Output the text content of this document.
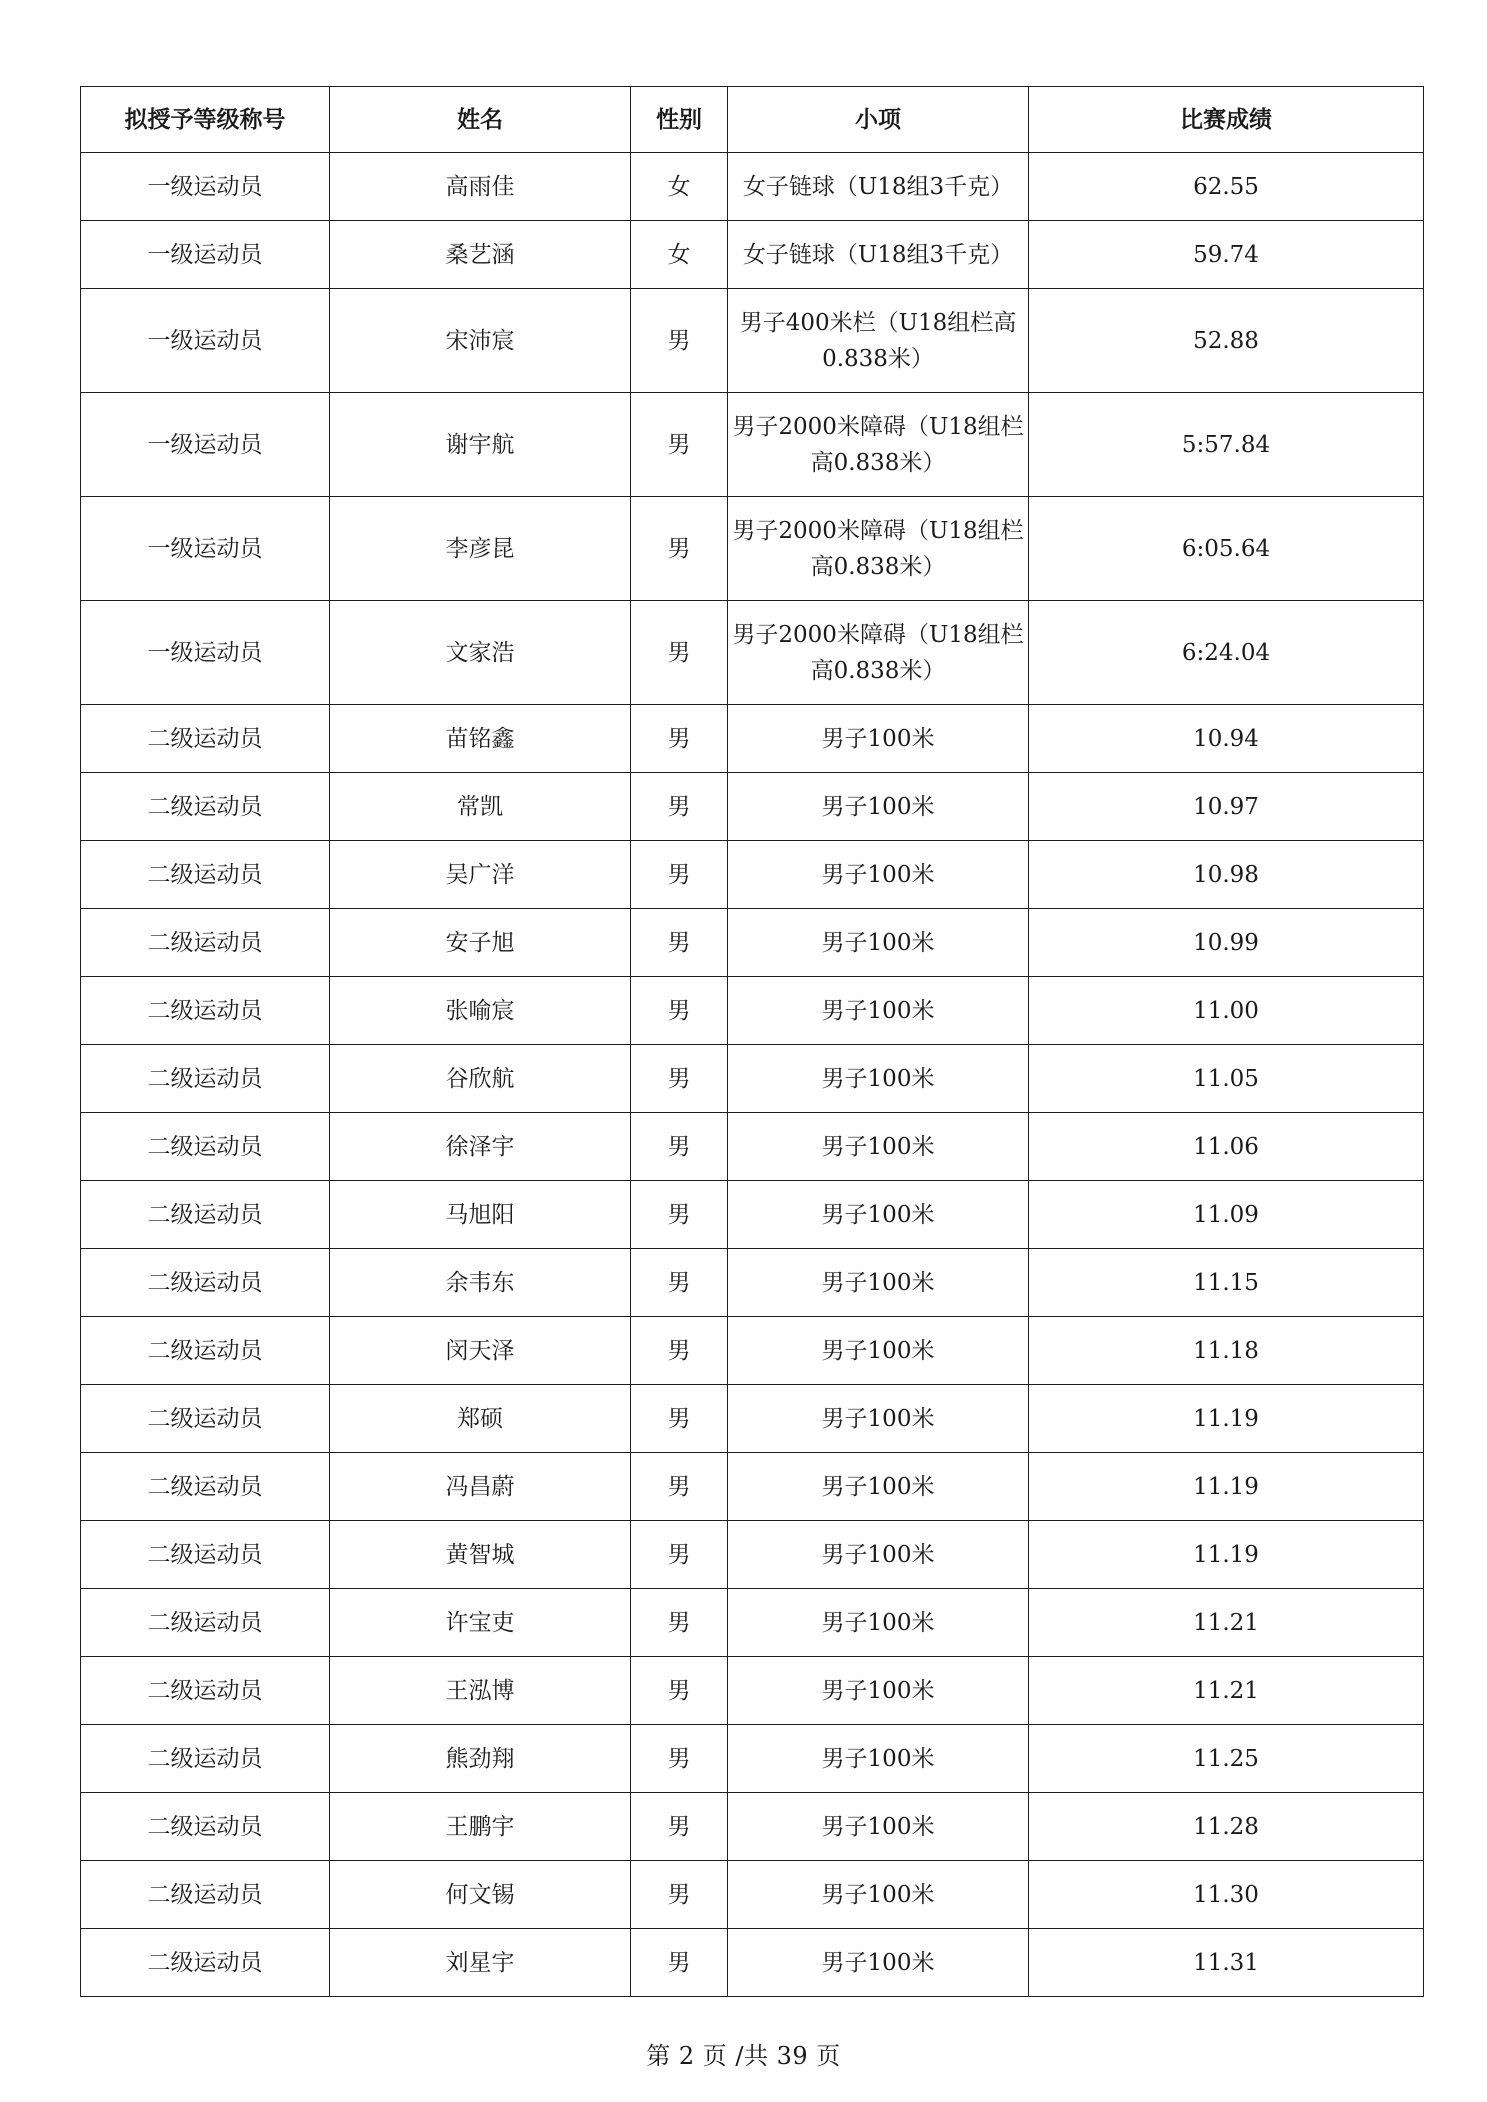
拟授予等级称号	姓名	性别	小项	比赛成绩
一级运动员	高雨佳	女	女子链球（U18组3千克）	62.55
一级运动员	桑艺涵	女	女子链球（U18组3千克）	59.74
一级运动员	宋沛宸	男	男子400米栏（U18组栏高0.838米）	52.88
一级运动员	谢宇航	男	男子2000米障碍（U18组栏高0.838米）	5:57.84
一级运动员	李彦昆	男	男子2000米障碍（U18组栏高0.838米）	6:05.64
一级运动员	文家浩	男	男子2000米障碍（U18组栏高0.838米）	6:24.04
二级运动员	苗铭鑫	男	男子100米	10.94
二级运动员	常凯	男	男子100米	10.97
二级运动员	吴广洋	男	男子100米	10.98
二级运动员	安子旭	男	男子100米	10.99
二级运动员	张喻宸	男	男子100米	11.00
二级运动员	谷欣航	男	男子100米	11.05
二级运动员	徐泽宇	男	男子100米	11.06
二级运动员	马旭阳	男	男子100米	11.09
二级运动员	余韦东	男	男子100米	11.15
二级运动员	闵天泽	男	男子100米	11.18
二级运动员	郑硕	男	男子100米	11.19
二级运动员	冯昌蔚	男	男子100米	11.19
二级运动员	黄智城	男	男子100米	11.19
二级运动员	许宝吏	男	男子100米	11.21
二级运动员	王泓博	男	男子100米	11.21
二级运动员	熊劲翔	男	男子100米	11.25
二级运动员	王鹏宇	男	男子100米	11.28
二级运动员	何文锡	男	男子100米	11.30
二级运动员	刘星宇	男	男子100米	11.31
第 2 页 /共 39 页
